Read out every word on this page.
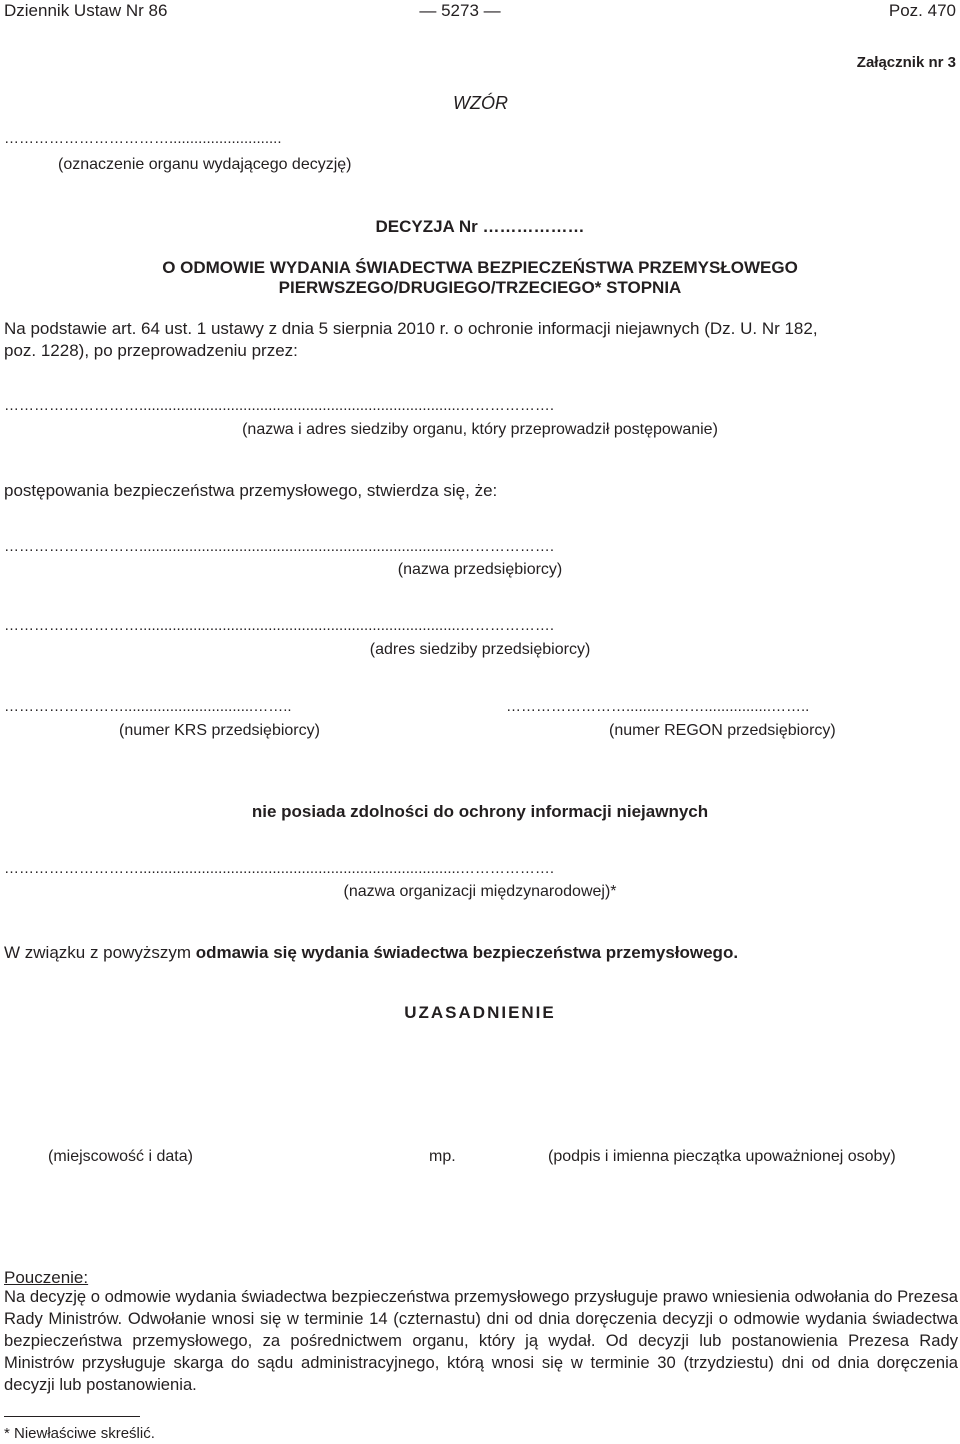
Dziennik Ustaw Nr 86	— 5273 —	Poz. 470
Załącznik nr 3
WZÓR
……………………………...........................
(oznaczenie organu wydającego decyzję)
DECYZJA Nr ………………
O ODMOWIE WYDANIA ŚWIADECTWA BEZPIECZEŃSTWA PRZEMYSŁOWEGO
PIERWSZEGO/DRUGIEGO/TRZECIEGO* STOPNIA
Na podstawie art. 64 ust. 1 ustawy z dnia 5 sierpnia 2010 r. o ochronie informacji niejawnych (Dz. U. Nr 182,
poz. 1228), po przeprowadzeniu przez:
……………………….............................................................................……………….
(nazwa i adres siedziby organu, który przeprowadził postępowanie)
postępowania bezpieczeństwa przemysłowego, stwierdza się, że:
……………………….............................................................................……………….
(nazwa przedsiębiorcy)
……………………….............................................................................……………….
(adres siedziby przedsiębiorcy)
……………………...............................……..
(numer KRS przedsiębiorcy)
……………………........………................……..
(numer REGON przedsiębiorcy)
nie posiada zdolności do ochrony informacji niejawnych
……………………….............................................................................……………….
(nazwa organizacji międzynarodowej)*
W związku z powyższym odmawia się wydania świadectwa bezpieczeństwa przemysłowego.
UZASADNIENIE
(miejscowość i data)	mp.	(podpis i imienna pieczątka upoważnionej osoby)
Pouczenie:
Na decyzję o odmowie wydania świadectwa bezpieczeństwa przemysłowego przysługuje prawo wniesienia odwołania do Prezesa Rady Ministrów. Odwołanie wnosi się w terminie 14 (czternastu) dni od dnia doręczenia decyzji o odmowie wydania świadectwa bezpieczeństwa przemysłowego, za pośrednictwem organu, który ją wydał. Od decyzji lub postanowienia Prezesa Rady Ministrów przysługuje skarga do sądu administracyjnego, którą wnosi się w terminie 30 (trzydziestu) dni od dnia doręczenia decyzji lub postanowienia.
* Niewłaściwe skreślić.
